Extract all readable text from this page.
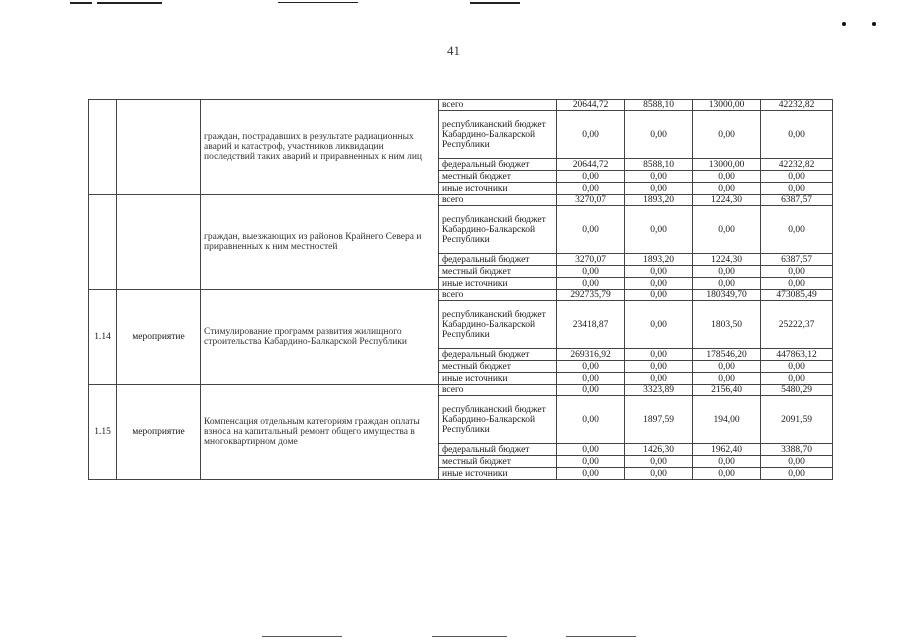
41
		граждан, пострадавших в результате радиационных аварий и катастроф, участников ликвидации последствий таких аварий и приравненных к ним лиц	всего	20644,72	8588,10	13000,00	42232,82
			республиканский бюджет Кабардино-Балкарской Республики	0,00	0,00	0,00	0,00
			федеральный бюджет	20644,72	8588,10	13000,00	42232,82
			местный бюджет	0,00	0,00	0,00	0,00
			иные источники	0,00	0,00	0,00	0,00
		граждан, выезжающих из районов Крайнего Севера и приравненных к ним местностей	всего	3270,07	1893,20	1224,30	6387,57
			республиканский бюджет Кабардино-Балкарской Республики	0,00	0,00	0,00	0,00
			федеральный бюджет	3270,07	1893,20	1224,30	6387,57
			местный бюджет	0,00	0,00	0,00	0,00
			иные источники	0,00	0,00	0,00	0,00
1.14	мероприятие	Стимулирование программ развития жилищного строительства Кабардино-Балкарской Республики	всего	292735,79	0,00	180349,70	473085,49
			республиканский бюджет Кабардино-Балкарской Республики	23418,87	0,00	1803,50	25222,37
			федеральный бюджет	269316,92	0,00	178546,20	447863,12
			местный бюджет	0,00	0,00	0,00	0,00
			иные источники	0,00	0,00	0,00	0,00
1.15	мероприятие	Компенсация отдельным категориям граждан оплаты взноса на капитальный ремонт общего имущества в многоквартирном доме	всего	0,00	3323,89	2156,40	5480,29
			республиканский бюджет Кабардино-Балкарской Республики	0,00	1897,59	194,00	2091,59
			федеральный бюджет	0,00	1426,30	1962,40	3388,70
			местный бюджет	0,00	0,00	0,00	0,00
			иные источники	0,00	0,00	0,00	0,00
